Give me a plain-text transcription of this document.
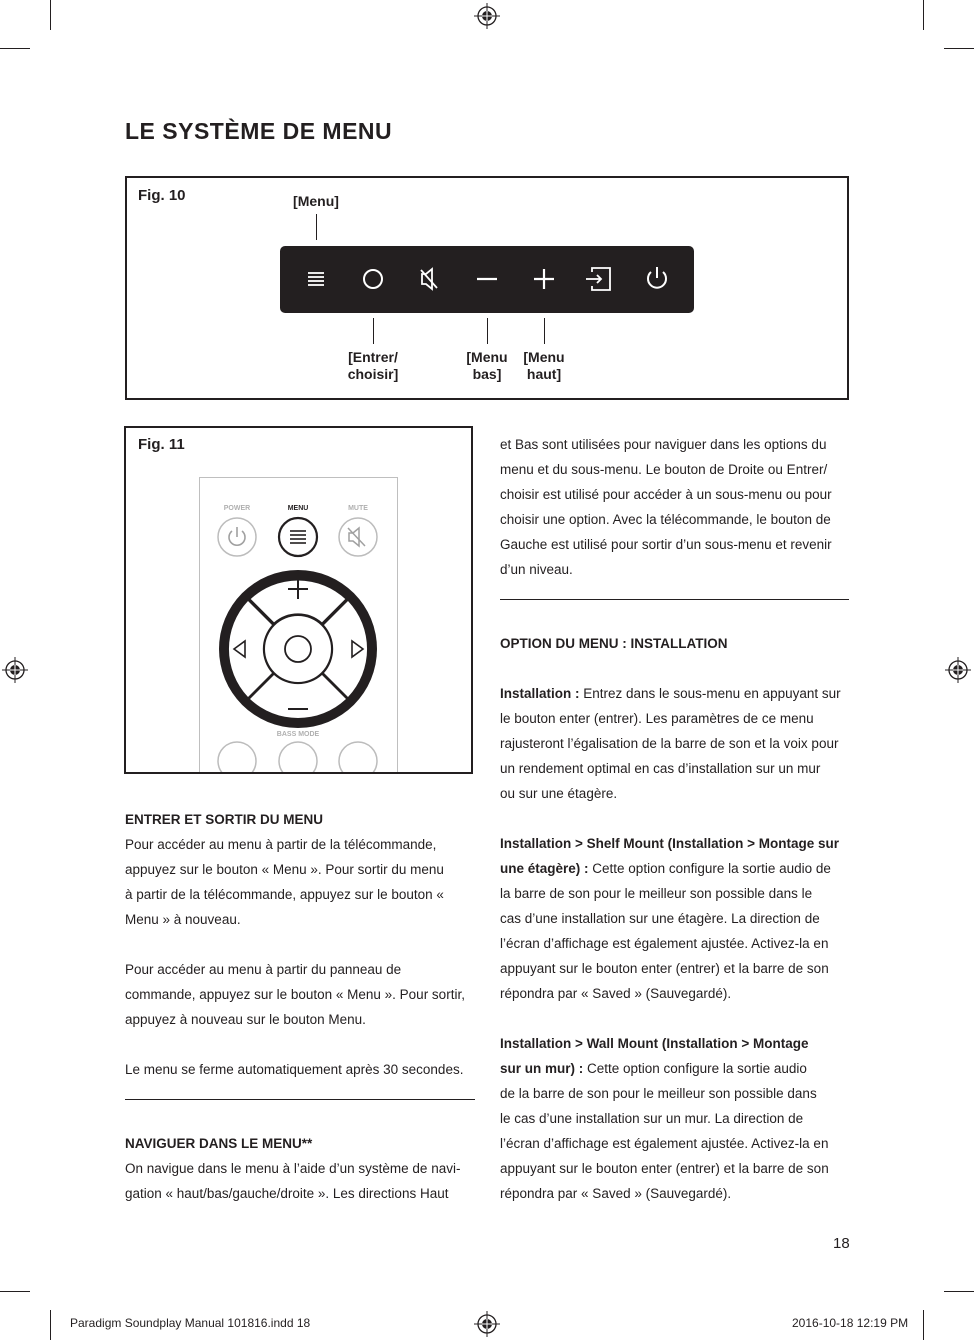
LE SYSTÈME DE MENU
Fig. 10	[Menu]
[Entrer/
choisir]
[Menu
bas]
[Menu
haut]
Fig. 11
POWER	MENU	MUTE
BASS MODE

ENTRER ET SORTIR DU MENU

Pour accéder au menu à partir de la télécommande,

appuyez sur le bouton « Menu ». Pour sortir du menu

à partir de la télécommande, appuyez sur le bouton «

Menu » à nouveau.

Pour accéder au menu à partir du panneau de

commande, appuyez sur le bouton « Menu ». Pour sortir,

appuyez à nouveau sur le bouton Menu.

Le menu se ferme automatiquement après 30 secondes.

NAVIGUER DANS LE MENU**

On navigue dans le menu à l’aide d’un système de navi-

gation « haut/bas/gauche/droite ». Les directions Haut

et Bas sont utilisées pour naviguer dans les options du

menu et du sous-menu. Le bouton de Droite ou Entrer/

choisir est utilisé pour accéder à un sous-menu ou pour

choisir une option. Avec la télécommande, le bouton de

Gauche est utilisé pour sortir d’un sous-menu et revenir

d’un niveau.

OPTION DU MENU : INSTALLATION

Installation : Entrez dans le sous-menu en appuyant sur

le bouton enter (entrer). Les paramètres de ce menu

rajusteront l’égalisation de la barre de son et la voix pour

un rendement optimal en cas d’installation sur un mur

ou sur une étagère.

Installation > Shelf Mount (Installation > Montage sur

une étagère) : Cette option configure la sortie audio de

la barre de son pour le meilleur son possible dans le

cas d’une installation sur une étagère. La direction de

l’écran d’affichage est également ajustée. Activez-la en

appuyant sur le bouton enter (entrer) et la barre de son

répondra par « Saved » (Sauvegardé).

Installation > Wall Mount (Installation > Montage

sur un mur) : Cette option configure la sortie audio

de la barre de son pour le meilleur son possible dans

le cas d’une installation sur un mur. La direction de

l’écran d’affichage est également ajustée. Activez-la en

appuyant sur le bouton enter (entrer) et la barre de son

répondra par « Saved » (Sauvegardé).

18
Paradigm Soundplay Manual 101816.indd 18	2016-10-18 12:19 PM
